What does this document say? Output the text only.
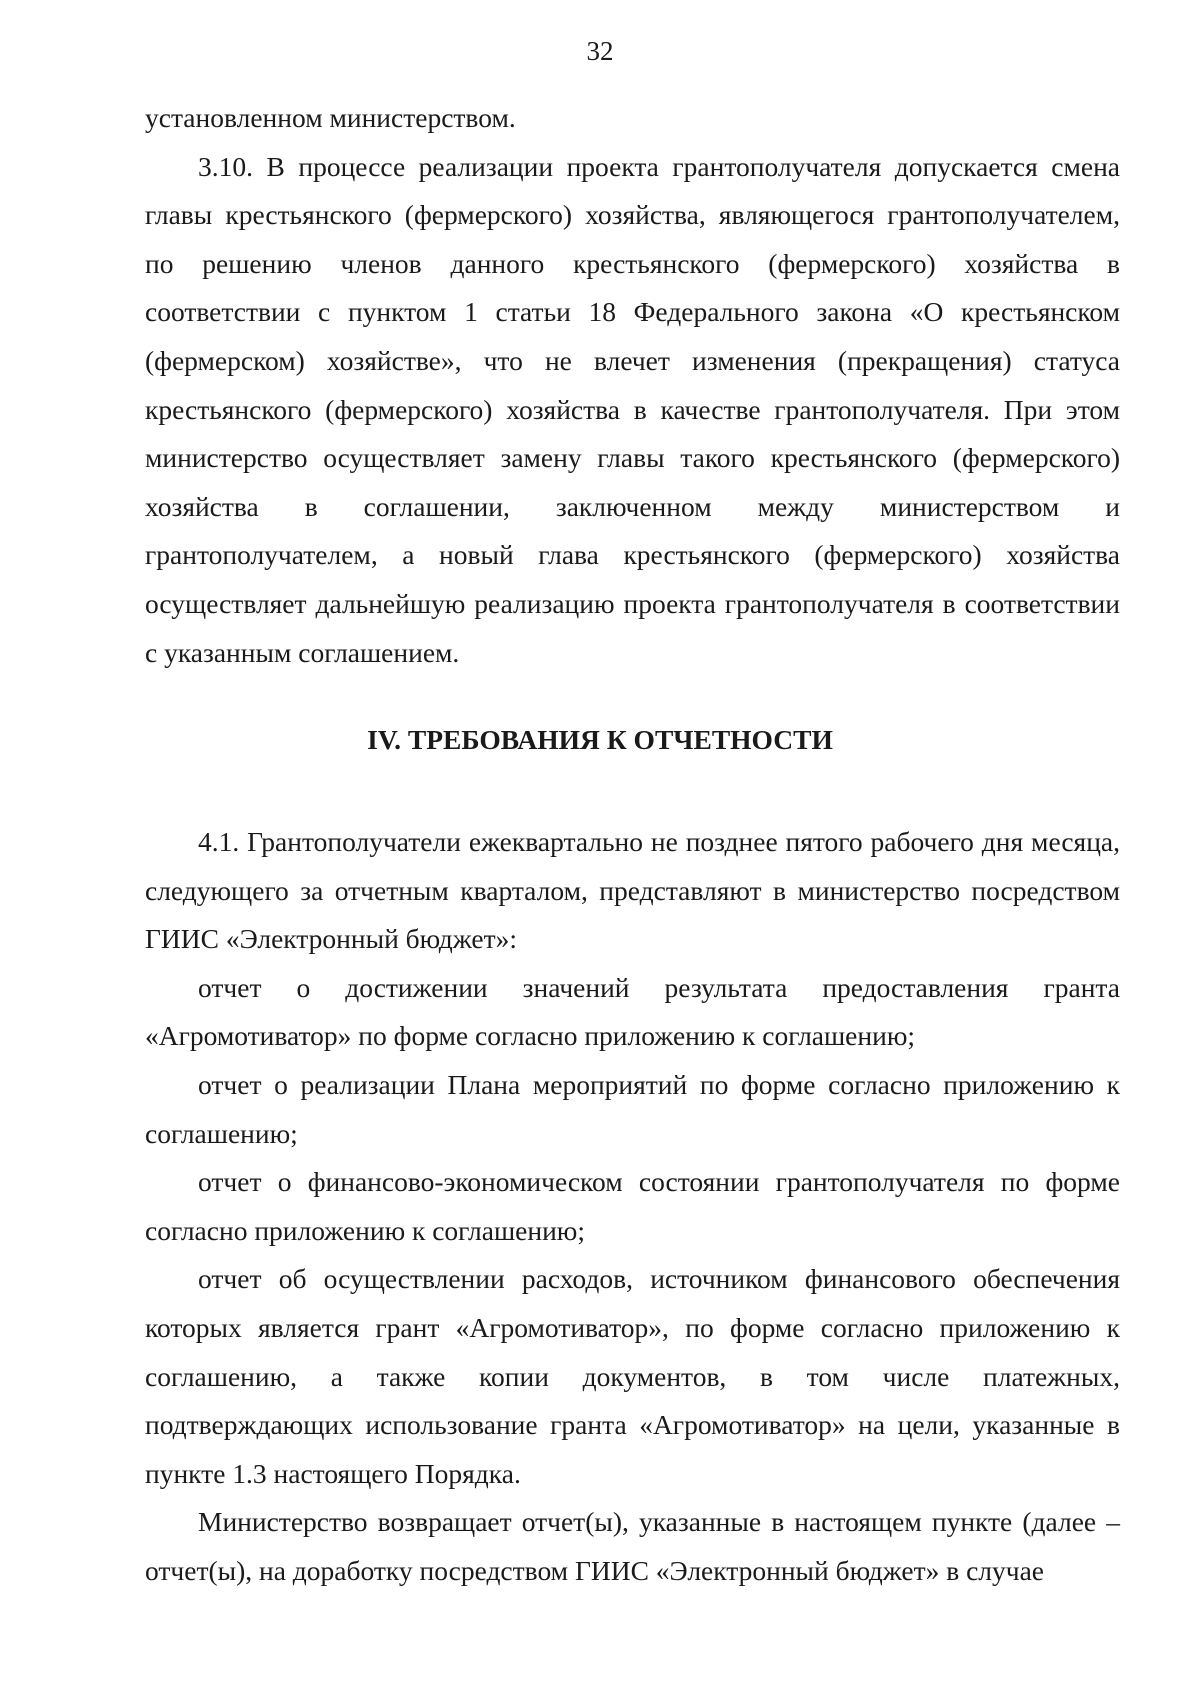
32

установленном министерством.

3.10. В процессе реализации проекта грантополучателя допускается смена главы крестьянского (фермерского) хозяйства, являющегося грантополучателем, по решению членов данного крестьянского (фермерского) хозяйства в соответствии с пунктом 1 статьи 18 Федерального закона «О крестьянском (фермерском) хозяйстве», что не влечет изменения (прекращения) статуса крестьянского (фермерского) хозяйства в качестве грантополучателя. При этом министерство осуществляет замену главы такого крестьянского (фермерского) хозяйства в соглашении, заключенном между министерством и грантополучателем, а новый глава крестьянского (фермерского) хозяйства осуществляет дальнейшую реализацию проекта грантополучателя в соответствии с указанным соглашением.

IV. ТРЕБОВАНИЯ К ОТЧЕТНОСТИ

4.1. Грантополучатели ежеквартально не позднее пятого рабочего дня месяца, следующего за отчетным кварталом, представляют в министерство посредством ГИИС «Электронный бюджет»:

отчет о достижении значений результата предоставления гранта «Агромотиватор» по форме согласно приложению к соглашению;

отчет о реализации Плана мероприятий по форме согласно приложению к соглашению;

отчет о финансово-экономическом состоянии грантополучателя по форме согласно приложению к соглашению;

отчет об осуществлении расходов, источником финансового обеспечения которых является грант «Агромотиватор», по форме согласно приложению к соглашению, а также копии документов, в том числе платежных, подтверждающих использование гранта «Агромотиватор» на цели, указанные в пункте 1.3 настоящего Порядка.

Министерство возвращает отчет(ы), указанные в настоящем пункте (далее – отчет(ы), на доработку посредством ГИИС «Электронный бюджет» в случае
